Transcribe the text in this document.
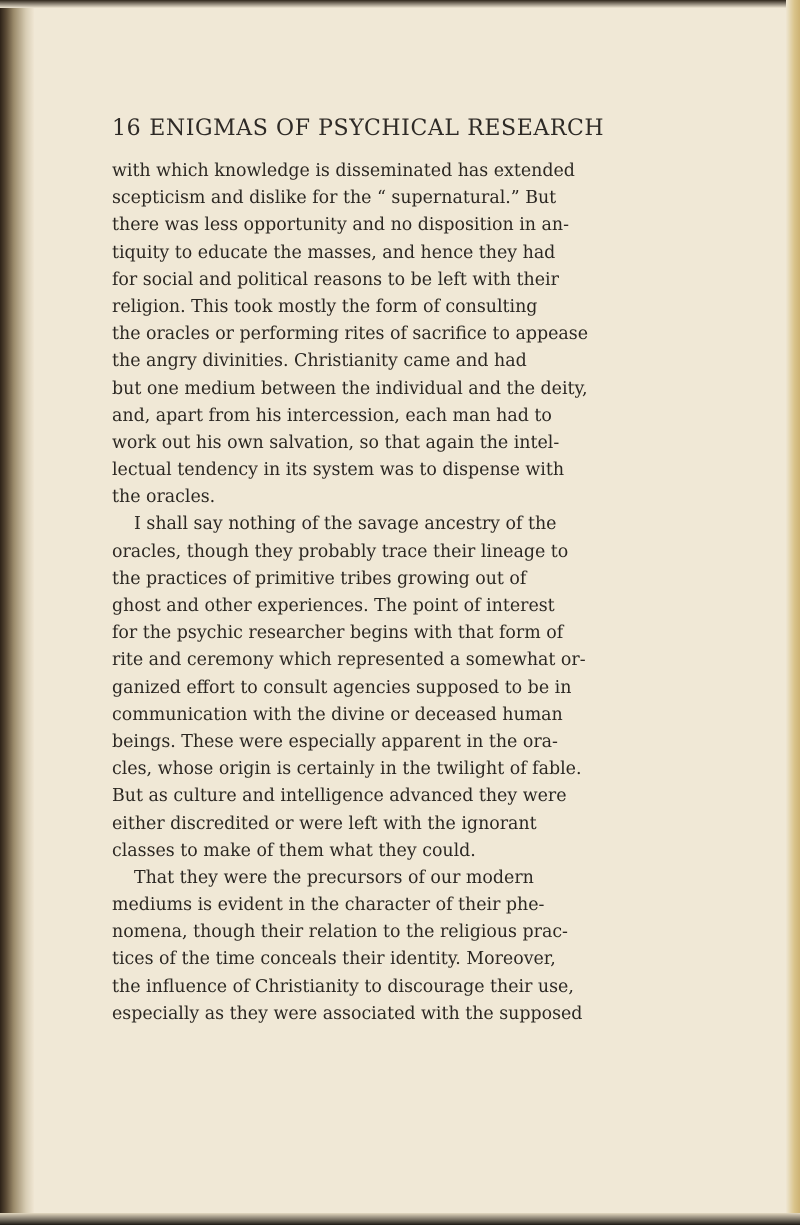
16 ENIGMAS OF PSYCHICAL RESEARCH
with which knowledge is disseminated has extended
scepticism and dislike for the “ supernatural.” But
there was less opportunity and no disposition in an-
tiquity to educate the masses, and hence they had
for social and political reasons to be left with their
religion. This took mostly the form of consulting
the oracles or performing rites of sacrifice to appease
the angry divinities. Christianity came and had
but one medium between the individual and the deity,
and, apart from his intercession, each man had to
work out his own salvation, so that again the intel-
lectual tendency in its system was to dispense with
the oracles.
I shall say nothing of the savage ancestry of the
oracles, though they probably trace their lineage to
the practices of primitive tribes growing out of
ghost and other experiences. The point of interest
for the psychic researcher begins with that form of
rite and ceremony which represented a somewhat or-
ganized effort to consult agencies supposed to be in
communication with the divine or deceased human
beings. These were especially apparent in the ora-
cles, whose origin is certainly in the twilight of fable.
But as culture and intelligence advanced they were
either discredited or were left with the ignorant
classes to make of them what they could.
That they were the precursors of our modern
mediums is evident in the character of their phe-
nomena, though their relation to the religious prac-
tices of the time conceals their identity. Moreover,
the influence of Christianity to discourage their use,
especially as they were associated with the supposed
